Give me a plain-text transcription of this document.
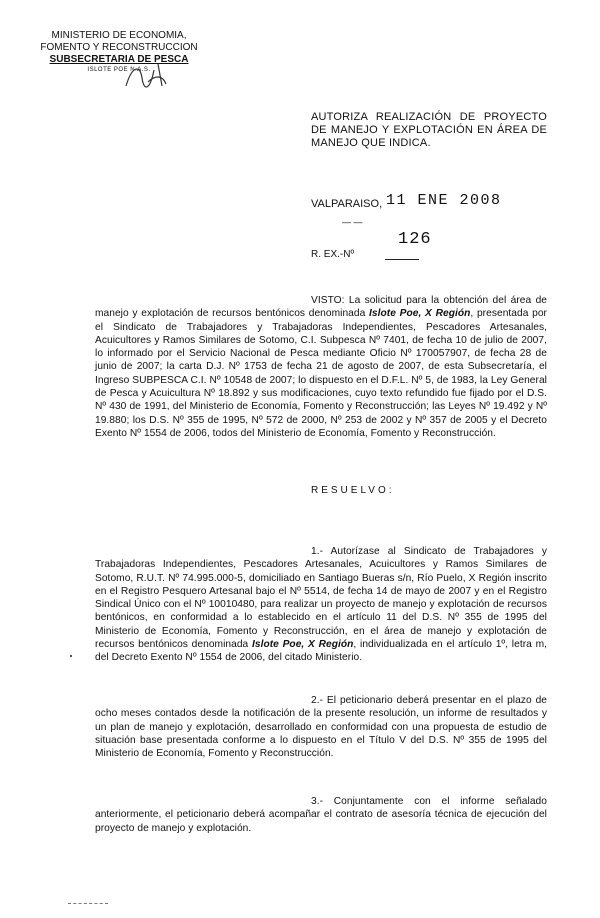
MINISTERIO DE ECONOMIA,
FOMENTO Y RECONSTRUCCION
SUBSECRETARIA DE PESCA
ISLOTE POE N.A.S.
AUTORIZA REALIZACIÓN DE PROYECTO DE MANEJO Y EXPLOTACIÓN EN ÁREA DE MANEJO QUE INDICA.
VALPARAISO, 11 ENE 2008
— —
126
R. EX.-Nº
VISTO: La solicitud para la obtención del área de manejo y explotación de recursos bentónicos denominada Islote Poe, X Región, presentada por el Sindicato de Trabajadores y Trabajadoras Independientes, Pescadores Artesanales, Acuicultores y Ramos Similares de Sotomo, C.I. Subpesca Nº 7401, de fecha 10 de julio de 2007, lo informado por el Servicio Nacional de Pesca mediante Oficio Nº 170057907, de fecha 28 de junio de 2007; la carta D.J. Nº 1753 de fecha 21 de agosto de 2007, de esta Subsecretaría, el Ingreso SUBPESCA C.I. Nº 10548 de 2007; lo dispuesto en el D.F.L. Nº 5, de 1983, la Ley General de Pesca y Acuicultura Nº 18.892 y sus modificaciones, cuyo texto refundido fue fijado por el D.S. Nº 430 de 1991, del Ministerio de Economía, Fomento y Reconstrucción; las Leyes Nº 19.492 y Nº 19.880; los D.S. Nº 355 de 1995, Nº 572 de 2000, Nº 253 de 2002 y Nº 357 de 2005 y el Decreto Exento Nº 1554 de 2006, todos del Ministerio de Economía, Fomento y Reconstrucción.
RESUELVO:
1.- Autorízase al Sindicato de Trabajadores y Trabajadoras Independientes, Pescadores Artesanales, Acuicultores y Ramos Similares de Sotomo, R.U.T. Nº 74.995.000-5, domiciliado en Santiago Bueras s/n, Río Puelo, X Región inscrito en el Registro Pesquero Artesanal bajo el Nº 5514, de fecha 14 de mayo de 2007 y en el Registro Sindical Único con el Nº 10010480, para realizar un proyecto de manejo y explotación de recursos bentónicos, en conformidad a lo establecido en el artículo 11 del D.S. Nº 355 de 1995 del Ministerio de Economía, Fomento y Reconstrucción, en el área de manejo y explotación de recursos bentónicos denominada Islote Poe, X Región, individualizada en el artículo 1º, letra m, del Decreto Exento Nº 1554 de 2006, del citado Ministerio.
2.- El peticionario deberá presentar en el plazo de ocho meses contados desde la notificación de la presente resolución, un informe de resultados y un plan de manejo y explotación, desarrollado en conformidad con una propuesta de estudio de situación base presentada conforme a lo dispuesto en el Título V del D.S. Nº 355 de 1995 del Ministerio de Economía, Fomento y Reconstrucción.
3.- Conjuntamente con el informe señalado anteriormente, el peticionario deberá acompañar el contrato de asesoría técnica de ejecución del proyecto de manejo y explotación.
